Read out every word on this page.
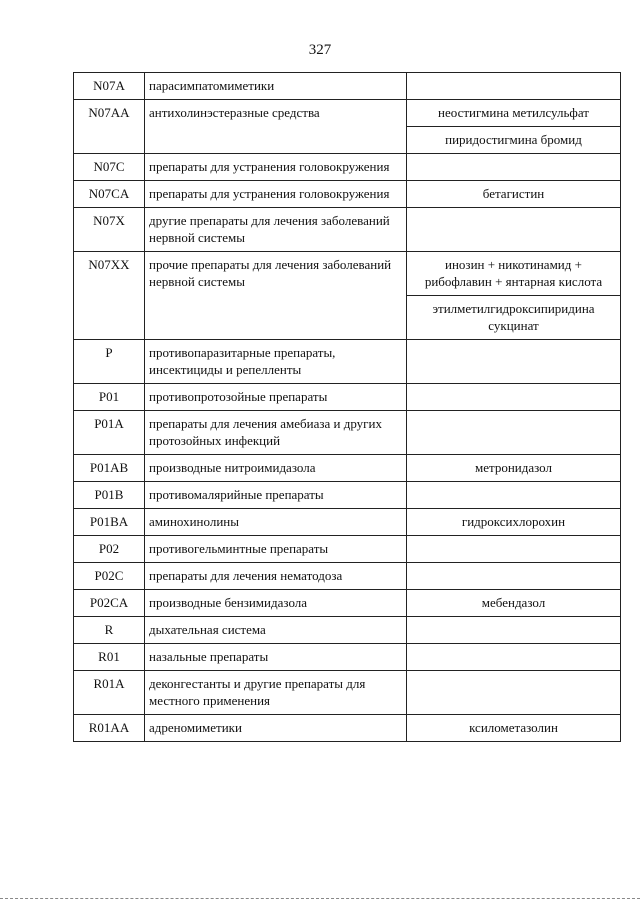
327
N07A	парасимпатомиметики	
N07AA	антихолинэстеразные средства	неостигмина метилсульфат
		пиридостигмина бромид
N07C	препараты для устранения головокружения	
N07CA	препараты для устранения головокружения	бетагистин
N07X	другие препараты для лечения заболеваний нервной системы	
N07XX	прочие препараты для лечения заболеваний нервной системы	инозин + никотинамид + рибофлавин + янтарная кислота
		этилметилгидроксипиридина сукцинат
P	противопаразитарные препараты, инсектициды и репелленты	
P01	противопротозойные препараты	
P01A	препараты для лечения амебиаза и других протозойных инфекций	
P01AB	производные нитроимидазола	метронидазол
P01B	противомалярийные препараты	
P01BA	аминохинолины	гидроксихлорохин
P02	противогельминтные препараты	
P02C	препараты для лечения нематодоза	
P02CA	производные бензимидазола	мебендазол
R	дыхательная система	
R01	назальные препараты	
R01A	деконгестанты и другие препараты для местного применения	
R01AA	адреномиметики	ксилометазолин
